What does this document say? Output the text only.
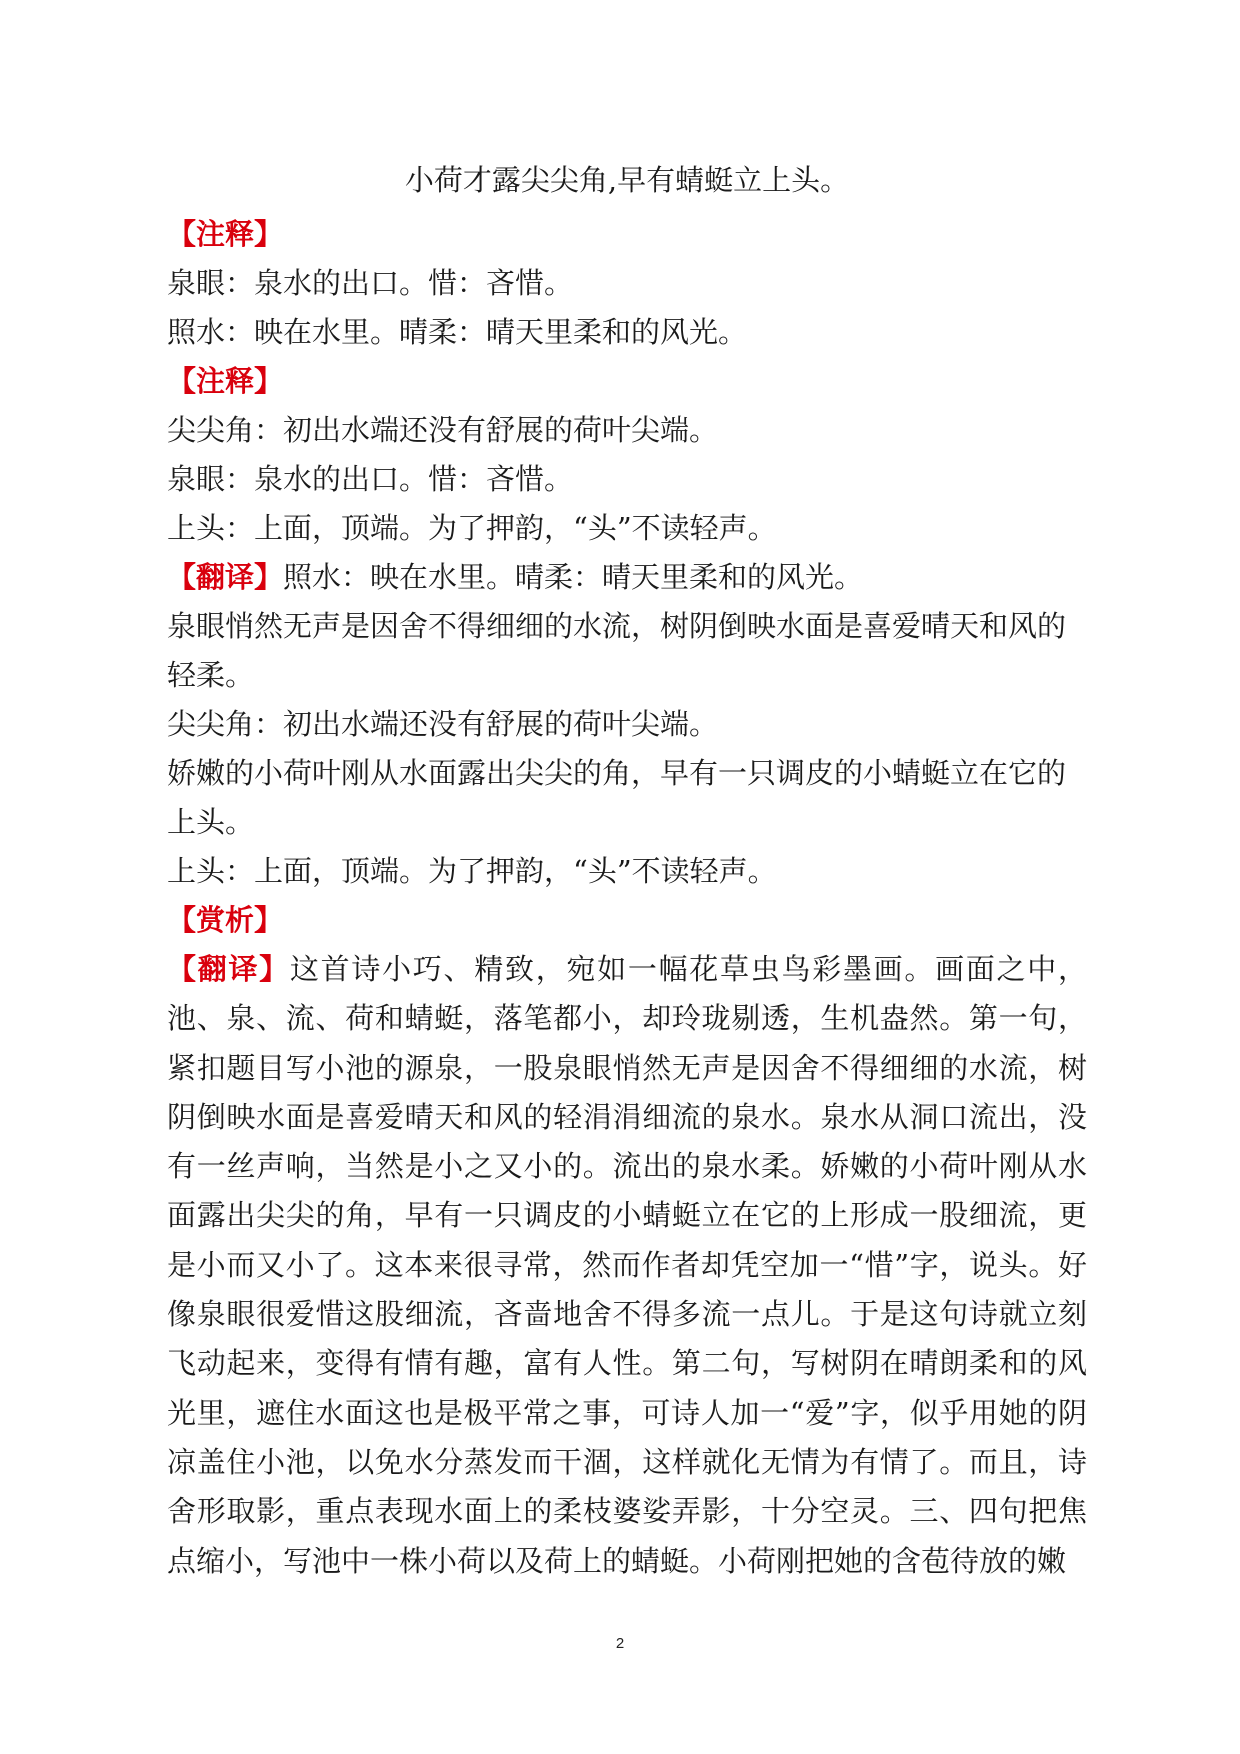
小荷才露尖尖角,早有蜻蜓立上头。
【注释】
泉眼：泉水的出口。惜：吝惜。
照水：映在水里。晴柔：晴天里柔和的风光。
【注释】
尖尖角：初出水端还没有舒展的荷叶尖端。
泉眼：泉水的出口。惜：吝惜。
上头：上面，顶端。为了押韵，“头”不读轻声。
【翻译】照水：映在水里。晴柔：晴天里柔和的风光。
泉眼悄然无声是因舍不得细细的水流，树阴倒映水面是喜爱晴天和风的轻柔。
尖尖角：初出水端还没有舒展的荷叶尖端。
娇嫩的小荷叶刚从水面露出尖尖的角，早有一只调皮的小蜻蜓立在它的上头。
上头：上面，顶端。为了押韵，“头”不读轻声。
【赏析】
【翻译】这首诗小巧、精致，宛如一幅花草虫鸟彩墨画。画面之中，池、泉、流、荷和蜻蜓，落笔都小，却玲珑剔透，生机盎然。第一句，紧扣题目写小池的源泉，一股泉眼悄然无声是因舍不得细细的水流，树阴倒映水面是喜爱晴天和风的轻涓涓细流的泉水。泉水从洞口流出，没有一丝声响，当然是小之又小的。流出的泉水柔。娇嫩的小荷叶刚从水面露出尖尖的角，早有一只调皮的小蜻蜓立在它的上形成一股细流，更是小而又小了。这本来很寻常，然而作者却凭空加一“惜”字，说头。好像泉眼很爱惜这股细流，吝啬地舍不得多流一点儿。于是这句诗就立刻飞动起来，变得有情有趣，富有人性。第二句，写树阴在晴朗柔和的风光里，遮住水面这也是极平常之事，可诗人加一“爱”字，似乎用她的阴凉盖住小池，以免水分蒸发而干涸，这样就化无情为有情了。而且，诗舍形取影，重点表现水面上的柔枝婆娑弄影，十分空灵。三、四句把焦点缩小，写池中一株小荷以及荷上的蜻蜓。小荷刚把她的含苞待放的嫩
2
